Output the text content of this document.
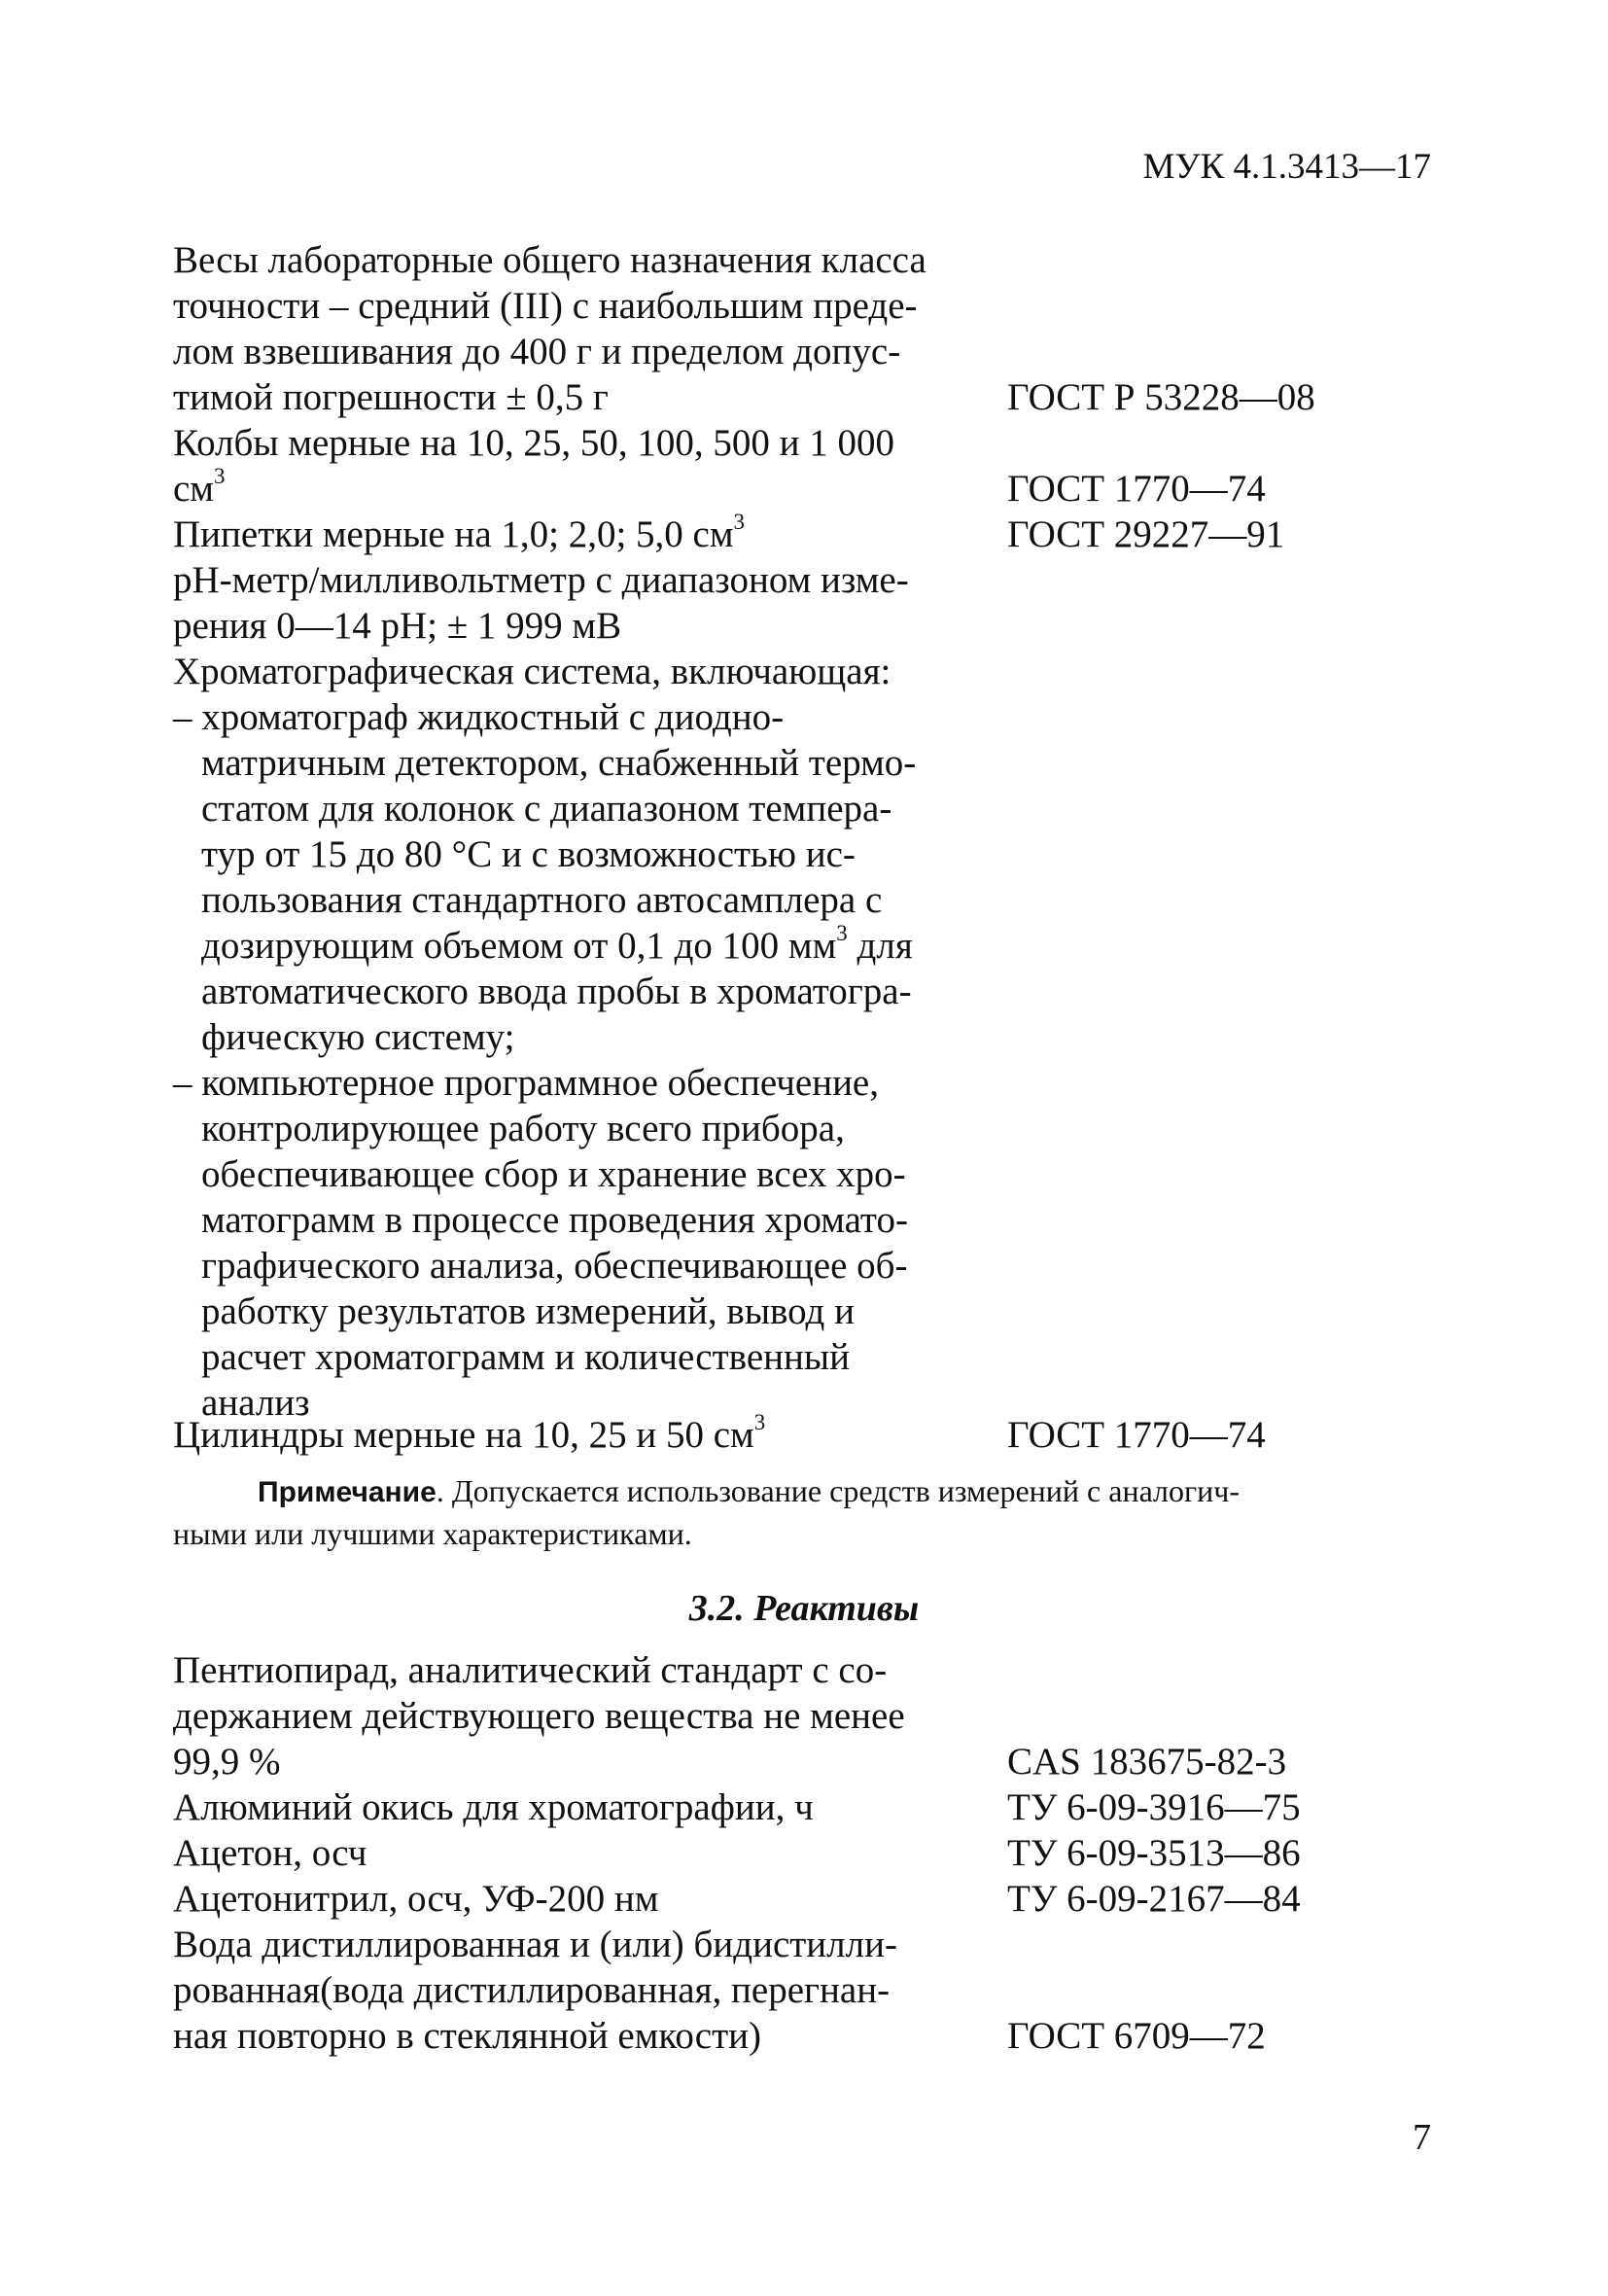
МУК 4.1.3413—17
Весы лабораторные общего назначения класса
точности – средний (III) с наибольшим преде-
лом взвешивания до 400 г и пределом допус-
тимой погрешности ± 0,5 г	ГОСТ Р 53228—08
Колбы мерные на 10, 25, 50, 100, 500 и 1 000
$см^3$	ГОСТ 1770—74
Пипетки мерные на 1,0; 2,0; 5,0 $см^3$	ГОСТ 29227—91
рН-метр/милливольтметр с диапазоном изме-
рения 0—14 рН; ± 1 999 мВ
Хроматографическая система, включающая:
– хроматограф жидкостный с диодно-
матричным детектором, снабженный термо-
статом для колонок с диапазоном темпера-
тур от 15 до 80 °С и с возможностью ис-
пользования стандартного автосамплера с
дозирующим объемом от 0,1 до 100 $мм^3$ для
автоматического ввода пробы в хроматогра-
фическую систему;
– компьютерное программное обеспечение,
контролирующее работу всего прибора,
обеспечивающее сбор и хранение всех хро-
матограмм в процессе проведения хромато-
графического анализа, обеспечивающее об-
работку результатов измерений, вывод и
расчет хроматограмм и количественный
анализ
Цилиндры мерные на 10, 25 и 50 $см^3$	ГОСТ 1770—74
Примечание. Допускается использование средств измерений с аналогич-
ными или лучшими характеристиками.
3.2. Реактивы
Пентиопирад, аналитический стандарт с со-
держанием действующего вещества не менее
99,9 %	CAS 183675-82-3
Алюминий окись для хроматографии, ч	ТУ 6-09-3916—75
Ацетон, осч	ТУ 6-09-3513—86
Ацетонитрил, осч, УФ-200 нм	ТУ 6-09-2167—84
Вода дистиллированная и (или) бидистилли-
рованная(вода дистиллированная, перегнан-
ная повторно в стеклянной емкости)	ГОСТ 6709—72
7
